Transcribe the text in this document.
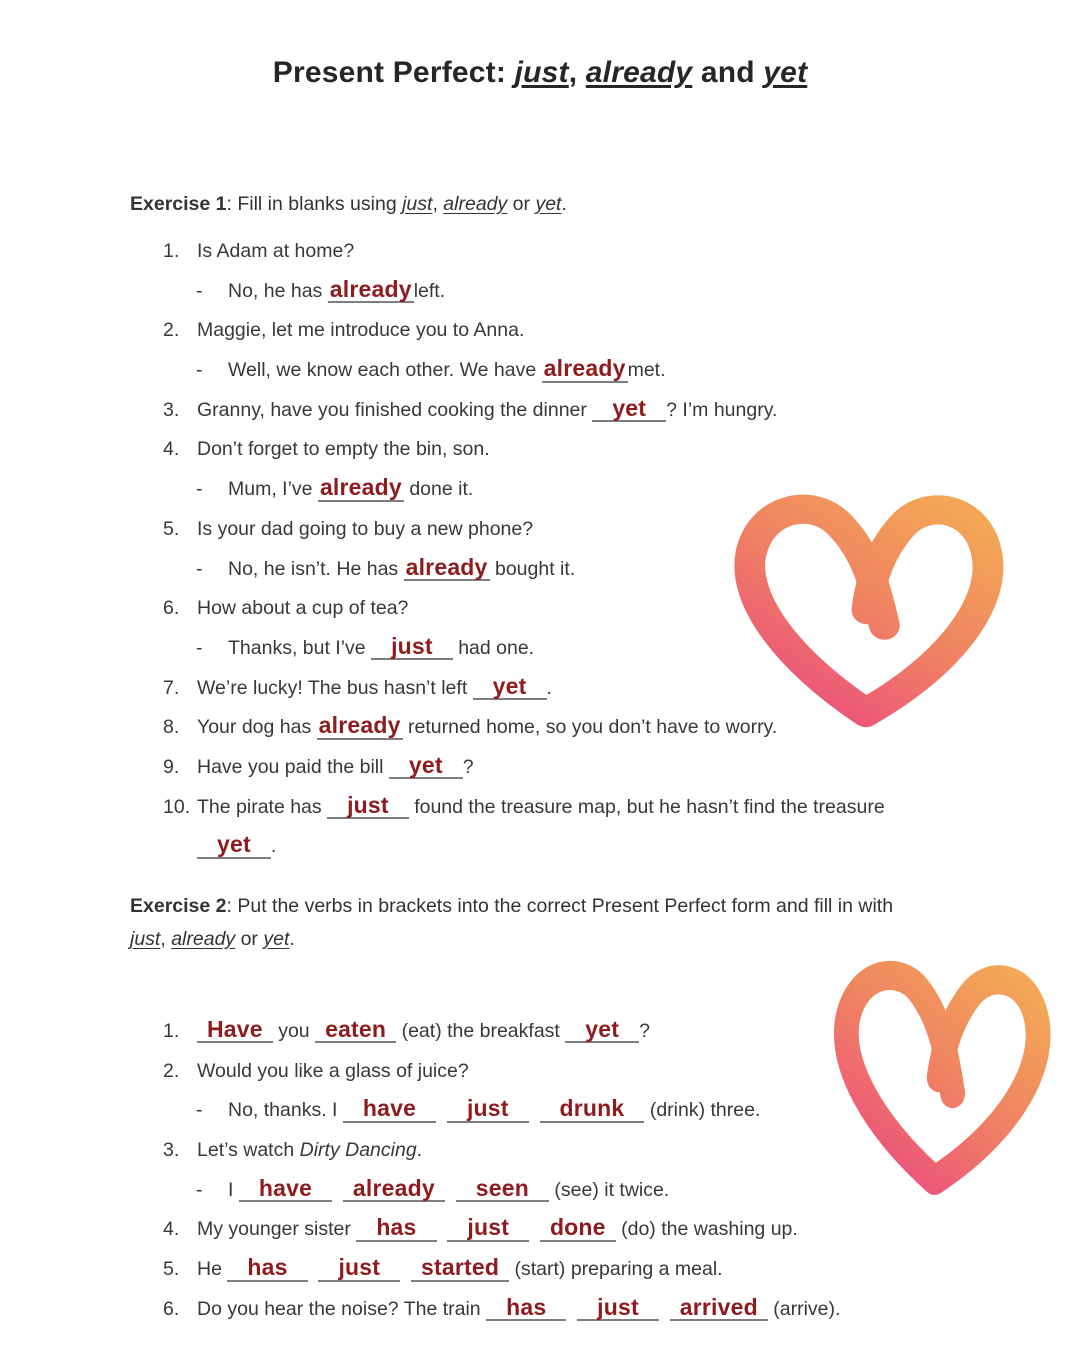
Present Perfect: just, already and yet
Exercise 1: Fill in blanks using just, already or yet.
1. Is Adam at home?
- No, he has already left.
2. Maggie, let me introduce you to Anna.
- Well, we know each other. We have already met.
3. Granny, have you finished cooking the dinner yet ? I’m hungry.
4. Don’t forget to empty the bin, son.
- Mum, I’ve already done it.
5. Is your dad going to buy a new phone?
- No, he isn’t. He has already bought it.
6. How about a cup of tea?
- Thanks, but I’ve just had one.
7. We’re lucky! The bus hasn’t left yet .
8. Your dog has already returned home, so you don’t have to worry.
9. Have you paid the bill yet ?
10. The pirate has just found the treasure map, but he hasn’t find the treasure
yet .
Exercise 2: Put the verbs in brackets into the correct Present Perfect form and fill in with
just, already or yet.
1. Have you eaten (eat) the breakfast yet ?
2. Would you like a glass of juice?
- No, thanks. I have just drunk (drink) three.
3. Let’s watch Dirty Dancing.
- I have already seen (see) it twice.
4. My younger sister has just done (do) the washing up.
5. He has just started (start) preparing a meal.
6. Do you hear the noise? The train has just arrived (arrive).
